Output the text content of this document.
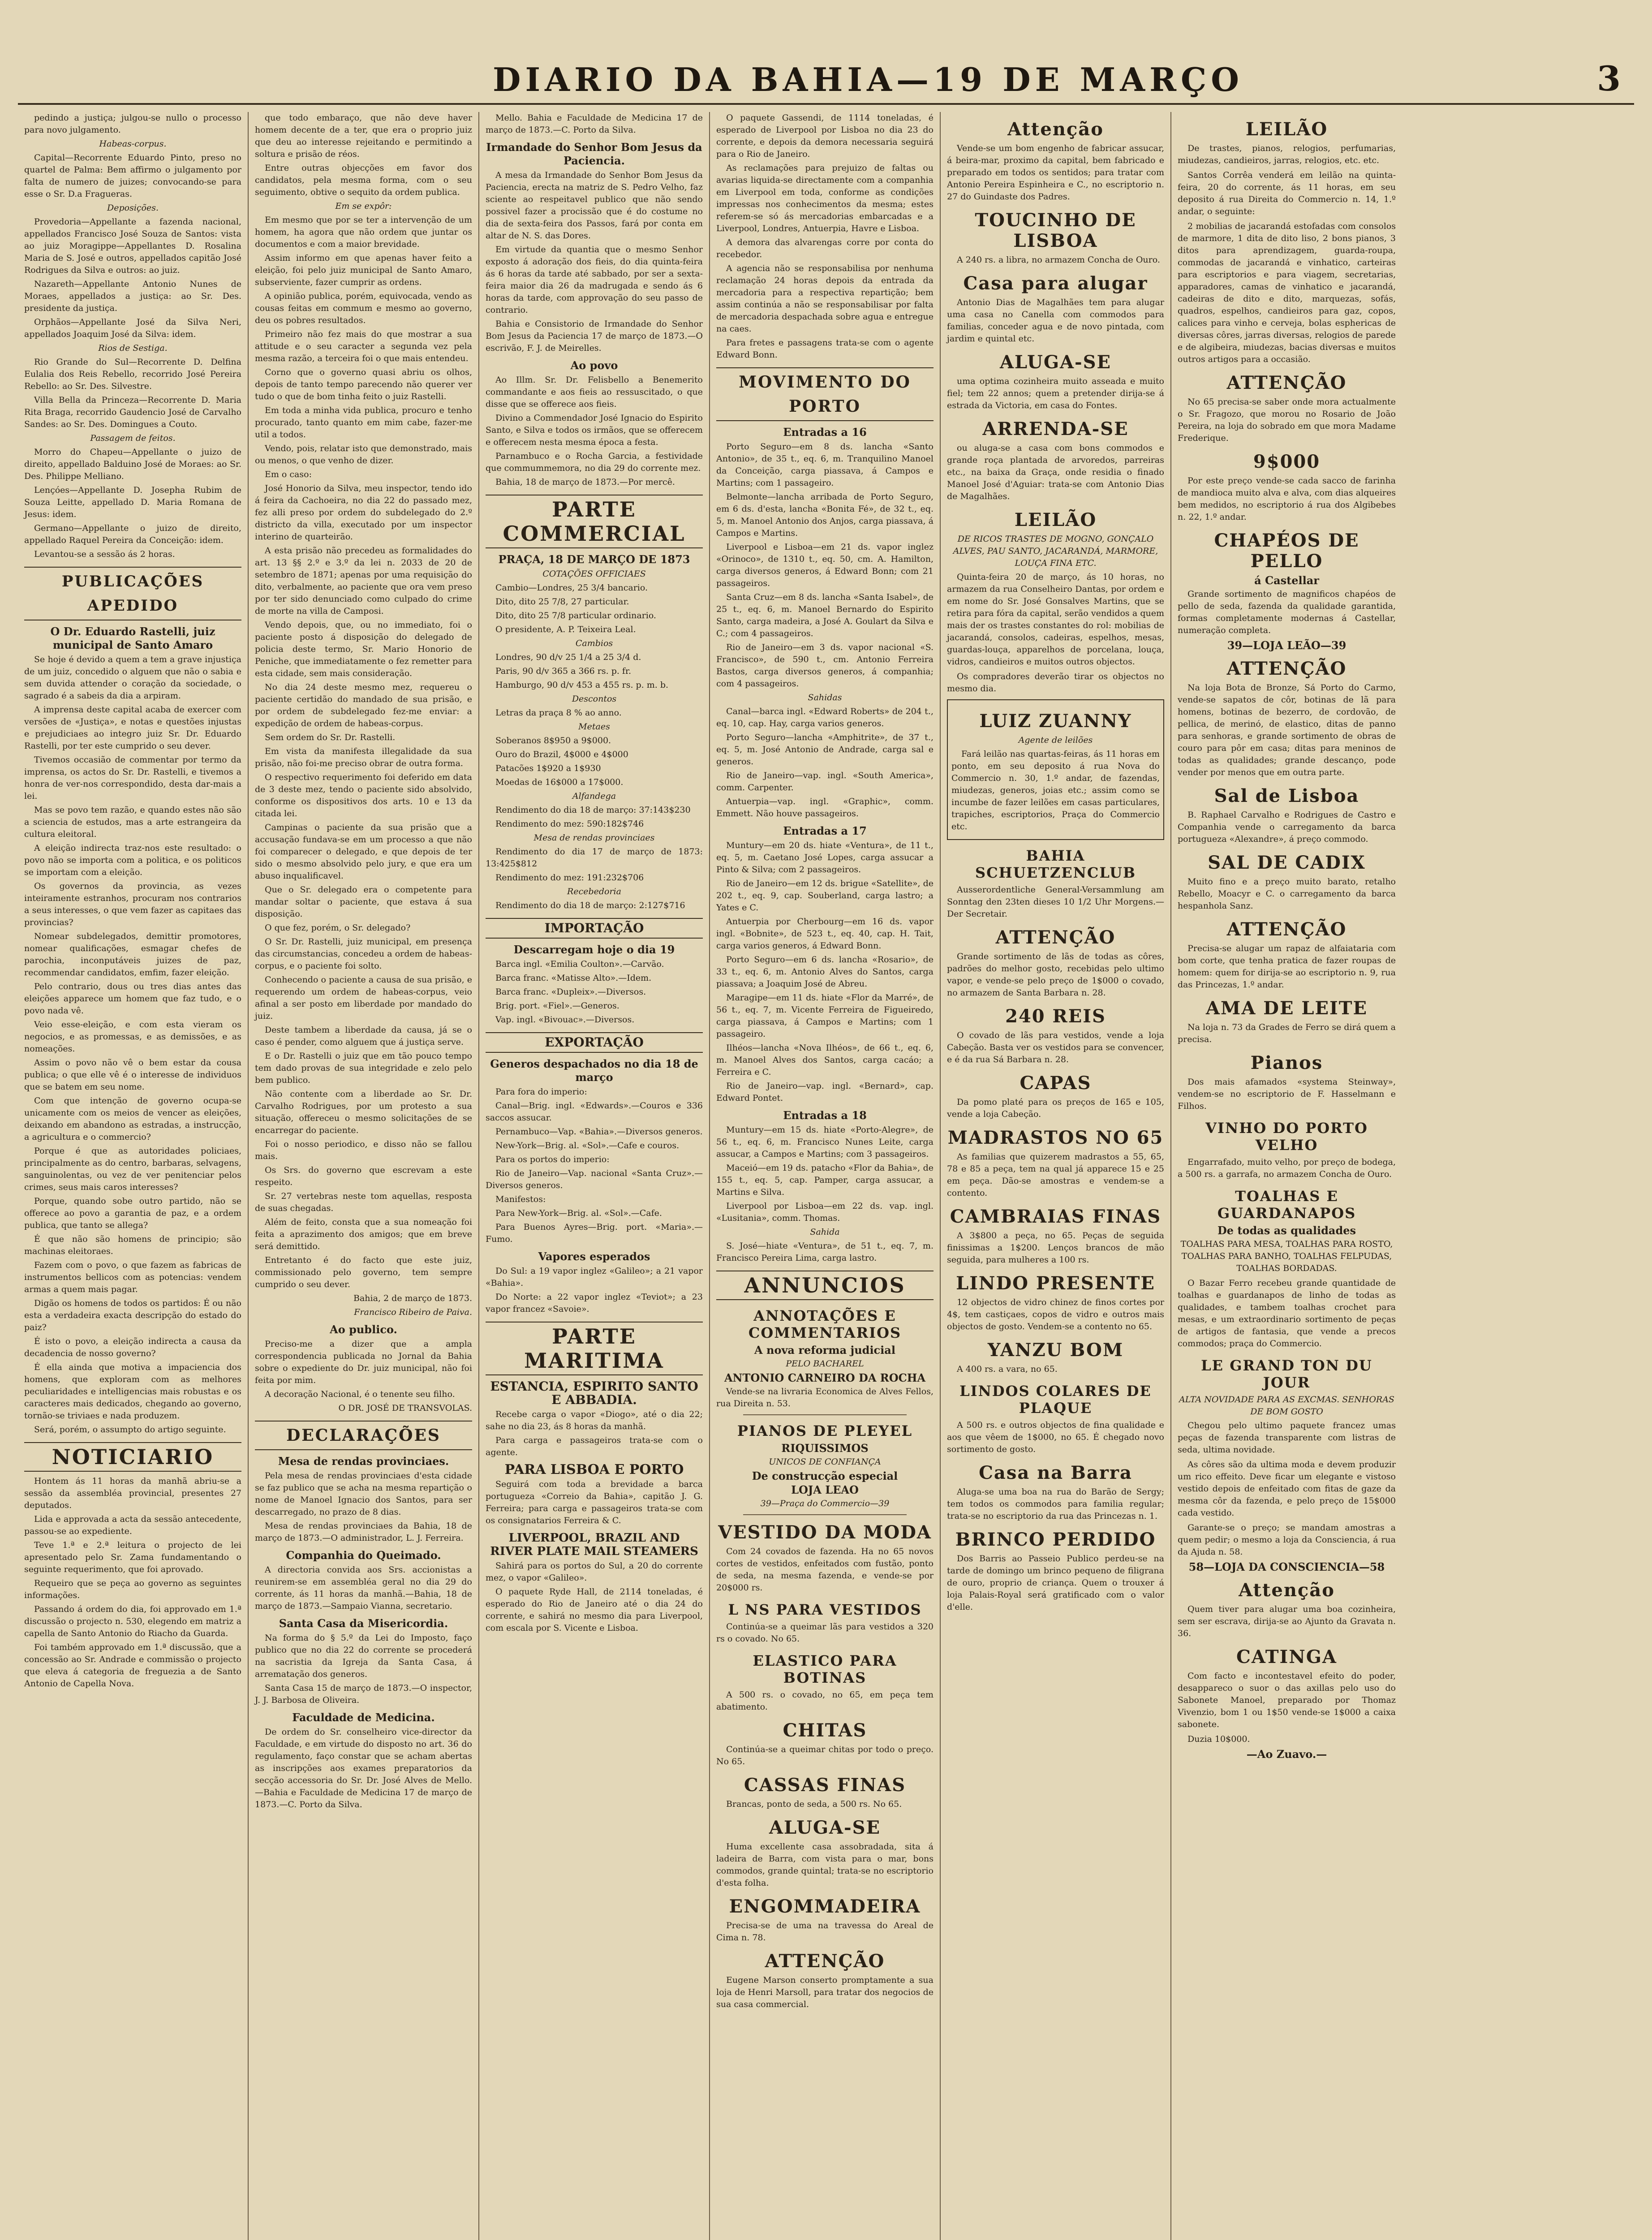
DIARIO DA BAHIA—19 DE MARÇO	3

pedindo a justiça; julgou-se nullo o processo para novo julgamento.

Habeas-corpus.

Capital—Recorrente Eduardo Pinto, preso no quartel de Palma: Bem affirmo o julgamento por falta de numero de juizes; convocando-se para esse o Sr. D.a Fragueras.

Deposições.

Provedoria—Appellante a fazenda nacional, appellados Francisco José Souza de Santos: vista ao juiz Moragippe—Appellantes D. Rosalina Maria de S. José e outros, appellados capitão José Rodrigues da Silva e outros: ao juiz.

Nazareth—Appellante Antonio Nunes de Moraes, appellados a justiça: ao Sr. Des. presidente da justiça.

Orphãos—Appellante José da Silva Neri, appellados Joaquim José da Silva: idem.

Rios de Sestiga.

Rio Grande do Sul—Recorrente D. Delfina Eulalia dos Reis Rebello, recorrido José Pereira Rebello: ao Sr. Des. Silvestre.

Villa Bella da Princeza—Recorrente D. Maria Rita Braga, recorrido Gaudencio José de Carvalho Sandes: ao Sr. Des. Domingues a Couto.

Passagem de feitos.

Morro do Chapeu—Appellante o juizo de direito, appellado Balduino José de Moraes: ao Sr. Des. Philippe Melliano.

Lençóes—Appellante D. Josepha Rubim de Souza Leitte, appellado D. Maria Romana de Jesus: idem.

Germano—Appellante o juizo de direito, appellado Raquel Pereira da Conceição: idem.

Levantou-se a sessão ás 2 horas.

PUBLICAÇÕES APEDIDO
O Dr. Eduardo Rastelli, juiz municipal de Santo Amaro

Se hoje é devido a quem a tem a grave injustiça de um juiz, concedido o alguem que não o sabia e sem duvida attender o coração da sociedade, o sagrado é a sabeis da dia a arpiram.

A imprensa deste capital acaba de exercer com versões de «Justiça», e notas e questões injustas e prejudiciaes ao integro juiz Sr. Dr. Eduardo Rastelli, por ter este cumprido o seu dever.

Tivemos occasião de commentar por termo da imprensa, os actos do Sr. Dr. Rastelli, e tivemos a honra de ver-nos correspondido, desta dar-mais a lei.

Mas se povo tem razão, e quando estes não são a sciencia de estudos, mas a arte estrangeira da cultura eleitoral.

A eleição indirecta traz-nos este resultado: o povo não se importa com a politica, e os politicos se importam com a eleição.

Os governos da provincia, as vezes inteiramente estranhos, procuram nos contrarios a seus interesses, o que vem fazer as capitaes das provincias?

Nomear subdelegados, demittir promotores, nomear qualificações, esmagar chefes de parochia, inconputáveis juizes de paz, recommendar candidatos, emfim, fazer eleição.

Pelo contrario, dous ou tres dias antes das eleições apparece um homem que faz tudo, e o povo nada vê.

Veio esse-eleição, e com esta vieram os negocios, e as promessas, e as demissões, e as nomeações.

Assim o povo não vê o bem estar da cousa publica; o que elle vê é o interesse de individuos que se batem em seu nome.

Com que intenção de governo ocupa-se unicamente com os meios de vencer as eleições, deixando em abandono as estradas, a instrucção, a agricultura e o commercio?

Porque é que as autoridades policiaes, principalmente as do centro, barbaras, selvagens, sanguinolentas, ou vez de ver penitenciar pelos crimes, seus mais caros interesses?

Porque, quando sobe outro partido, não se offerece ao povo a garantia de paz, e a ordem publica, que tanto se allega?

É que não são homens de principio; são machinas eleitoraes.

Fazem com o povo, o que fazem as fabricas de instrumentos bellicos com as potencias: vendem armas a quem mais pagar.

Digão os homens de todos os partidos: É ou não esta a verdadeira exacta descripção do estado do paiz?

É isto o povo, a eleição indirecta a causa da decadencia de nosso governo?

É ella ainda que motiva a impaciencia dos homens, que exploram com as melhores peculiaridades e intelligencias mais robustas e os caracteres mais dedicados, chegando ao governo, tornão-se triviaes e nada produzem.

Será, porém, o assumpto do artigo seguinte.

NOTICIARIO

Hontem ás 11 horas da manhã abriu-se a sessão da assembléa provincial, presentes 27 deputados.

Lida e approvada a acta da sessão antecedente, passou-se ao expediente.

Teve 1.ª e 2.ª leitura o projecto de lei apresentado pelo Sr. Zama fundamentando o seguinte requerimento, que foi aprovado.

Requeiro que se peça ao governo as seguintes informações.

Passando á ordem do dia, foi approvado em 1.ª discussão o projecto n. 530, elegendo em matriz a capella de Santo Antonio do Riacho da Guarda.

Foi também approvado em 1.ª discussão, que a concessão ao Sr. Andrade e commissão o projecto que eleva á categoria de freguezia a de Santo Antonio de Capella Nova.

que todo embaraço, que não deve haver homem decente de a ter, que era o proprio juiz que deu ao interesse rejeitando e permitindo a soltura e prisão de réos.

Entre outras objecções em favor dos candidatos, pela mesma forma, com o seu seguimento, obtive o sequito da ordem publica.

Em se expôr:

Em mesmo que por se ter a intervenção de um homem, ha agora que não ordem que juntar os documentos e com a maior brevidade.

Assim informo em que apenas haver feito a eleição, foi pelo juiz municipal de Santo Amaro, subserviente, fazer cumprir as ordens.

A opinião publica, porém, equivocada, vendo as cousas feitas em commum e mesmo ao governo, deu os pobres resultados.

Primeiro não fez mais do que mostrar a sua attitude e o seu caracter a segunda vez pela mesma razão, a terceira foi o que mais entendeu.

Corno que o governo quasi abriu os olhos, depois de tanto tempo parecendo não querer ver tudo o que de bom tinha feito o juiz Rastelli.

Em toda a minha vida publica, procuro e tenho procurado, tanto quanto em mim cabe, fazer-me util a todos.

Vendo, pois, relatar isto que demonstrado, mais ou menos, o que venho de dizer.

Em o caso:

José Honorio da Silva, meu inspector, tendo ido á feira da Cachoeira, no dia 22 do passado mez, fez alli preso por ordem do subdelegado do 2.º districto da villa, executado por um inspector interino de quarteirão.

A esta prisão não precedeu as formalidades do art. 13 §§ 2.º e 3.º da lei n. 2033 de 20 de setembro de 1871; apenas por uma requisição do dito, verbalmente, ao paciente que ora vem preso por ter sido denunciado como culpado do crime de morte na villa de Camposi.

Vendo depois, que, ou no immediato, foi o paciente posto á disposição do delegado de policia deste termo, Sr. Mario Honorio de Peniche, que immediatamente o fez remetter para esta cidade, sem mais consideração.

No dia 24 deste mesmo mez, requereu o paciente certidão do mandado de sua prisão, e por ordem de subdelegado fez-me enviar: a expedição de ordem de habeas-corpus.

Sem ordem do Sr. Dr. Rastelli.

Em vista da manifesta illegalidade da sua prisão, não foi-me preciso obrar de outra forma.

O respectivo requerimento foi deferido em data de 3 deste mez, tendo o paciente sido absolvido, conforme os dispositivos dos arts. 10 e 13 da citada lei.

Campinas o paciente da sua prisão que a accusação fundava-se em um processo a que não foi comparecer o delegado, e que depois de ter sido o mesmo absolvido pelo jury, e que era um abuso inqualificavel.

Que o Sr. delegado era o competente para mandar soltar o paciente, que estava á sua disposição.

O que fez, porém, o Sr. delegado?

O Sr. Dr. Rastelli, juiz municipal, em presença das circumstancias, concedeu a ordem de habeas-corpus, e o paciente foi solto.

Conhecendo o paciente a causa de sua prisão, e requerendo um ordem de habeas-corpus, veio afinal a ser posto em liberdade por mandado do juiz.

Deste tambem a liberdade da causa, já se o caso é pender, como alguem que á justiça serve.

E o Dr. Rastelli o juiz que em tão pouco tempo tem dado provas de sua integridade e zelo pelo bem publico.

Não contente com a liberdade ao Sr. Dr. Carvalho Rodrigues, por um protesto a sua situação, offereceu o mesmo solicitações de se encarregar do paciente.

Foi o nosso periodico, e disso não se fallou mais.

Os Srs. do governo que escrevam a este respeito.

Sr. 27 vertebras neste tom aquellas, resposta de suas chegadas.

Além de feito, consta que a sua nomeação foi feita a aprazimento dos amigos; que em breve será demittido.

Entretanto é do facto que este juiz, commissionado pelo governo, tem sempre cumprido o seu dever.

Bahia, 2 de março de 1873.

Francisco Ribeiro de Paiva.

Ao publico.

Preciso-me a dizer que a ampla correspondencia publicada no Jornal da Bahia sobre o expediente do Dr. juiz municipal, não foi feita por mim.

A decoração Nacional, é o tenente seu filho.

O DR. JOSÉ DE TRANSVOLAS.

DECLARAÇÕES
Mesa de rendas provinciaes.

Pela mesa de rendas provinciaes d'esta cidade se faz publico que se acha na mesma repartição o nome de Manoel Ignacio dos Santos, para ser descarregado, no prazo de 8 dias.

Mesa de rendas provinciaes da Bahia, 18 de março de 1873.—O administrador, L. J. Ferreira.

Companhia do Queimado.

A directoria convida aos Srs. accionistas a reunirem-se em assembléa geral no dia 29 do corrente, ás 11 horas da manhã.—Bahia, 18 de março de 1873.—Sampaio Vianna, secretario.

Santa Casa da Misericordia.

Na forma do § 5.º da Lei do Imposto, faço publico que no dia 22 do corrente se procederá na sacristia da Igreja da Santa Casa, á arrematação dos generos.

Santa Casa 15 de março de 1873.—O inspector, J. J. Barbosa de Oliveira.

Faculdade de Medicina.

De ordem do Sr. conselheiro vice-director da Faculdade, e em virtude do disposto no art. 36 do regulamento, faço constar que se acham abertas as inscripções aos exames preparatorios da secção accessoria do Sr. Dr. José Alves de Mello.—Bahia e Faculdade de Medicina 17 de março de 1873.—C. Porto da Silva.

Mello. Bahia e Faculdade de Medicina 17 de março de 1873.—C. Porto da Silva.

Irmandade do Senhor Bom Jesus da Paciencia.

A mesa da Irmandade do Senhor Bom Jesus da Paciencia, erecta na matriz de S. Pedro Velho, faz sciente ao respeitavel publico que não sendo possivel fazer a procissão que é do costume no dia de sexta-feira dos Passos, fará por conta em altar de N. S. das Dores.

Em virtude da quantia que o mesmo Senhor exposto á adoração dos fieis, do dia quinta-feira ás 6 horas da tarde até sabbado, por ser a sexta-feira maior dia 26 da madrugada e sendo ás 6 horas da tarde, com approvação do seu passo de contrario.

Bahia e Consistorio de Irmandade do Senhor Bom Jesus da Paciencia 17 de março de 1873.—O escrivão, F. J. de Meirelles.

Ao povo

Ao Illm. Sr. Dr. Felisbello a Benemerito commandante e aos fieis ao ressuscitado, o que disse que se offerece aos fieis.

Divino a Commendador José Ignacio do Espirito Santo, e Silva e todos os irmãos, que se offerecem e offerecem nesta mesma época a festa.

Parnambuco e o Rocha Garcia, a festividade que commummemora, no dia 29 do corrente mez.

Bahia, 18 de março de 1873.—Por mercê.

PARTE COMMERCIAL
PRAÇA, 18 DE MARÇO DE 1873
COTAÇÕES OFFICIAES

Cambio—Londres, 25 3/4 bancario.

Dito, dito 25 7/8, 27 particular.

Dito, dito 25 7/8 particular ordinario.

O presidente, A. P. Teixeira Leal.

Cambios

Londres, 90 d/v 25 1/4 a 25 3/4 d.

Paris, 90 d/v 365 a 366 rs. p. fr.

Hamburgo, 90 d/v 453 a 455 rs. p. m. b.

Descontos

Letras da praça 8 % ao anno.

Metaes

Soberanos 8$950 a 9$000.

Ouro do Brazil, 4$000 e 4$000

Patacões 1$920 a 1$930

Moedas de 16$000 a 17$000.

Alfandega

Rendimento do dia 18 de março: 37:143$230

Rendimento do mez: 590:182$746

Mesa de rendas provinciaes

Rendimento do dia 17 de março de 1873: 13:425$812

Rendimento do mez: 191:232$706

Recebedoria

Rendimento do dia 18 de março: 2:127$716

IMPORTAÇÃO
Descarregam hoje o dia 19

Barca ingl. «Emilia Coulton».—Carvão.

Barca franc. «Matisse Alto».—Idem.

Barca franc. «Dupleix».—Diversos.

Brig. port. «Fiel».—Generos.

Vap. ingl. «Bivouac».—Diversos.

EXPORTAÇÃO
Generos despachados no dia 18 de março

Para fora do imperio:

Canal—Brig. ingl. «Edwards».—Couros e 336 saccos assucar.

Pernambuco—Vap. «Bahia».—Diversos generos.

New-York—Brig. al. «Sol».—Cafe e couros.

Para os portos do imperio:

Rio de Janeiro—Vap. nacional «Santa Cruz».—Diversos generos.

Manifestos:

Para New-York—Brig. al. «Sol».—Cafe.

Para Buenos Ayres—Brig. port. «Maria».—Fumo.

Vapores esperados

Do Sul: a 19 vapor inglez «Galileo»; a 21 vapor «Bahia».

Do Norte: a 22 vapor inglez «Teviot»; a 23 vapor francez «Savoie».

PARTE MARITIMA
ESTANCIA, ESPIRITO SANTO E ABBADIA.

Recebe carga o vapor «Diogo», até o dia 22; sahe no dia 23, ás 8 horas da manhã.

Para carga e passageiros trata-se com o agente.

PARA LISBOA E PORTO

Seguirá com toda a brevidade a barca portugueza «Correio da Bahia», capitão J. G. Ferreira; para carga e passageiros trata-se com os consignatarios Ferreira & C.

LIVERPOOL, BRAZIL AND RIVER PLATE MAIL STEAMERS

Sahirá para os portos do Sul, a 20 do corrente mez, o vapor «Galileo».

O paquete Ryde Hall, de 2114 toneladas, é esperado do Rio de Janeiro até o dia 24 do corrente, e sahirá no mesmo dia para Liverpool, com escala por S. Vicente e Lisboa.

O paquete Gassendi, de 1114 toneladas, é esperado de Liverpool por Lisboa no dia 23 do corrente, e depois da demora necessaria seguirá para o Rio de Janeiro.

As reclamações para prejuizo de faltas ou avarias liquida-se directamente com a companhia em Liverpool em toda, conforme as condições impressas nos conhecimentos da mesma; estes referem-se só ás mercadorias embarcadas e a Liverpool, Londres, Antuerpia, Havre e Lisboa.

A demora das alvarengas corre por conta do recebedor.

A agencia não se responsabilisa por nenhuma reclamação 24 horas depois da entrada da mercadoria para a respectiva repartição; bem assim continúa a não se responsabilisar por falta de mercadoria despachada sobre agua e entregue na caes.

Para fretes e passagens trata-se com o agente Edward Bonn.

MOVIMENTO DO PORTO
Entradas a 16

Porto Seguro—em 8 ds. lancha «Santo Antonio», de 35 t., eq. 6, m. Tranquilino Manoel da Conceição, carga piassava, á Campos e Martins; com 1 passageiro.

Belmonte—lancha arribada de Porto Seguro, em 6 ds. d'esta, lancha «Bonita Fé», de 32 t., eq. 5, m. Manoel Antonio dos Anjos, carga piassava, á Campos e Martins.

Liverpool e Lisboa—em 21 ds. vapor inglez «Orinoco», de 1310 t., eq. 50, cm. A. Hamilton, carga diversos generos, á Edward Bonn; com 21 passageiros.

Santa Cruz—em 8 ds. lancha «Santa Isabel», de 25 t., eq. 6, m. Manoel Bernardo do Espirito Santo, carga madeira, a José A. Goulart da Silva e C.; com 4 passageiros.

Rio de Janeiro—em 3 ds. vapor nacional «S. Francisco», de 590 t., cm. Antonio Ferreira Bastos, carga diversos generos, á companhia; com 4 passageiros.

Sahidas

Canal—barca ingl. «Edward Roberts» de 204 t., eq. 10, cap. Hay, carga varios generos.

Porto Seguro—lancha «Amphitrite», de 37 t., eq. 5, m. José Antonio de Andrade, carga sal e generos.

Rio de Janeiro—vap. ingl. «South America», comm. Carpenter.

Antuerpia—vap. ingl. «Graphic», comm. Emmett. Não houve passageiros.

Entradas a 17

Muntury—em 20 ds. hiate «Ventura», de 11 t., eq. 5, m. Caetano José Lopes, carga assucar a Pinto & Silva; com 2 passageiros.

Rio de Janeiro—em 12 ds. brigue «Satellite», de 202 t., eq. 9, cap. Souberland, carga lastro; a Yates e C.

Antuerpia por Cherbourg—em 16 ds. vapor ingl. «Bobnite», de 523 t., eq. 40, cap. H. Tait, carga varios generos, á Edward Bonn.

Porto Seguro—em 6 ds. lancha «Rosario», de 33 t., eq. 6, m. Antonio Alves do Santos, carga piassava; a Joaquim José de Abreu.

Maragipe—em 11 ds. hiate «Flor da Marré», de 56 t., eq. 7, m. Vicente Ferreira de Figueiredo, carga piassava, á Campos e Martins; com 1 passageiro.

Ilhéos—lancha «Nova Ilhéos», de 66 t., eq. 6, m. Manoel Alves dos Santos, carga cacáo; a Ferreira e C.

Rio de Janeiro—vap. ingl. «Bernard», cap. Edward Pontet.

Entradas a 18

Muntury—em 15 ds. hiate «Porto-Alegre», de 56 t., eq. 6, m. Francisco Nunes Leite, carga assucar, a Campos e Martins; com 3 passageiros.

Maceió—em 19 ds. patacho «Flor da Bahia», de 155 t., eq. 5, cap. Pamper, carga assucar, a Martins e Silva.

Liverpool por Lisboa—em 22 ds. vap. ingl. «Lusitania», comm. Thomas.

Sahida

S. José—hiate «Ventura», de 51 t., eq. 7, m. Francisco Pereira Lima, carga lastro.

ANNUNCIOS
ANNOTAÇÕES E COMMENTARIOS
A nova reforma judicial
PELO BACHAREL
ANTONIO CARNEIRO DA ROCHA

Vende-se na livraria Economica de Alves Fellos, rua Direita n. 53.

PIANOS DE PLEYEL
RIQUISSIMOS
UNICOS DE CONFIANÇA
De construcção especial
LOJA LEAO
39—Praça do Commercio—39
VESTIDO DA MODA

Com 24 covados de fazenda. Ha no 65 novos cortes de vestidos, enfeitados com fustão, ponto de seda, na mesma fazenda, e vende-se por 20$000 rs.

L NS PARA VESTIDOS

Continúa-se a queimar lãs para vestidos a 320 rs o covado. No 65.

ELASTICO PARA BOTINAS

A 500 rs. o covado, no 65, em peça tem abatimento.

CHITAS

Continúa-se a queimar chitas por todo o preço. No 65.

CASSAS FINAS

Brancas, ponto de seda, a 500 rs. No 65.

ALUGA-SE

Huma excellente casa assobradada, sita á ladeira de Barra, com vista para o mar, bons commodos, grande quintal; trata-se no escriptorio d'esta folha.

ENGOMMADEIRA

Precisa-se de uma na travessa do Areal de Cima n. 78.

ATTENÇÃO

Eugene Marson conserto promptamente a sua loja de Henri Marsoll, para tratar dos negocios de sua casa commercial.

Attenção

Vende-se um bom engenho de fabricar assucar, á beira-mar, proximo da capital, bem fabricado e preparado em todos os sentidos; para tratar com Antonio Pereira Espinheira e C., no escriptorio n. 27 do Guindaste dos Padres.

TOUCINHO DE LISBOA

A 240 rs. a libra, no armazem Concha de Ouro.

Casa para alugar

Antonio Dias de Magalhães tem para alugar uma casa no Canella com commodos para familias, conceder agua e de novo pintada, com jardim e quintal etc.

ALUGA-SE

uma optima cozinheira muito asseada e muito fiel; tem 22 annos; quem a pretender dirija-se á estrada da Victoria, em casa do Fontes.

ARRENDA-SE

ou aluga-se a casa com bons commodos e grande roça plantada de arvoredos, parreiras etc., na baixa da Graça, onde residia o finado Manoel José d'Aguiar: trata-se com Antonio Dias de Magalhães.

LEILÃO
DE RICOS TRASTES DE MOGNO, GONÇALO ALVES, PAU SANTO, JACARANDÁ, MARMORE, LOUÇA FINA ETC.

Quinta-feira 20 de março, ás 10 horas, no armazem da rua Conselheiro Dantas, por ordem e em nome do Sr. José Gonsalves Martins, que se retira para fóra da capital, serão vendidos a quem mais der os trastes constantes do rol: mobilias de jacarandá, consolos, cadeiras, espelhos, mesas, guardas-louça, apparelhos de porcelana, louça, vidros, candieiros e muitos outros objectos.

Os compradores deverão tirar os objectos no mesmo dia.

LUIZ ZUANNY
Agente de leilões

Fará leilão nas quartas-feiras, ás 11 horas em ponto, em seu deposito á rua Nova do Commercio n. 30, 1.º andar, de fazendas, miudezas, generos, joias etc.; assim como se incumbe de fazer leilões em casas particulares, trapiches, escriptorios, Praça do Commercio etc.

BAHIA SCHUETZENCLUB

Ausserordentliche General-Versammlung am Sonntag den 23ten dieses 10 1/2 Uhr Morgens.—Der Secretair.

ATTENÇÃO

Grande sortimento de lãs de todas as côres, padrões do melhor gosto, recebidas pelo ultimo vapor, e vende-se pelo preço de 1$000 o covado, no armazem de Santa Barbara n. 28.

240 REIS

O covado de lãs para vestidos, vende a loja Cabeção. Basta ver os vestidos para se convencer, e é da rua Sá Barbara n. 28.

CAPAS

Da pomo platé para os preços de 165 e 105, vende a loja Cabeção.

MADRASTOS NO 65

As familias que quizerem madrastos a 55, 65, 78 e 85 a peça, tem na qual já apparece 15 e 25 em peça. Dão-se amostras e vendem-se a contento.

CAMBRAIAS FINAS

A 3$800 a peça, no 65. Peças de seguida finissimas a 1$200. Lenços brancos de mão seguida, para mulheres a 100 rs.

LINDO PRESENTE

12 objectos de vidro chinez de finos cortes por 4$, tem castiçaes, copos de vidro e outros mais objectos de gosto. Vendem-se a contento no 65.

YANZU BOM

A 400 rs. a vara, no 65.

LINDOS COLARES DE PLAQUE

A 500 rs. e outros objectos de fina qualidade e aos que vêem de 1$000, no 65. É chegado novo sortimento de gosto.

Casa na Barra

Aluga-se uma boa na rua do Barão de Sergy; tem todos os commodos para familia regular; trata-se no escriptorio da rua das Princezas n. 1.

BRINCO PERDIDO

Dos Barris ao Passeio Publico perdeu-se na tarde de domingo um brinco pequeno de filigrana de ouro, proprio de criança. Quem o trouxer á loja Palais-Royal será gratificado com o valor d'elle.

LEILÃO

De trastes, pianos, relogios, perfumarias, miudezas, candieiros, jarras, relogios, etc. etc.

Santos Corrêa venderá em leilão na quinta-feira, 20 do corrente, ás 11 horas, em seu deposito á rua Direita do Commercio n. 14, 1.º andar, o seguinte:

2 mobilias de jacarandá estofadas com consolos de marmore, 1 dita de dito liso, 2 bons pianos, 3 ditos para aprendizagem, guarda-roupa, commodas de jacarandá e vinhatico, carteiras para escriptorios e para viagem, secretarias, apparadores, camas de vinhatico e jacarandá, cadeiras de dito e dito, marquezas, sofás, quadros, espelhos, candieiros para gaz, copos, calices para vinho e cerveja, bolas esphericas de diversas côres, jarras diversas, relogios de parede e de algibeira, miudezas, bacias diversas e muitos outros artigos para a occasião.

ATTENÇÃO

No 65 precisa-se saber onde mora actualmente o Sr. Fragozo, que morou no Rosario de João Pereira, na loja do sobrado em que mora Madame Frederique.

9$000

Por este preço vende-se cada sacco de farinha de mandioca muito alva e alva, com dias alqueires bem medidos, no escriptorio á rua dos Algibebes n. 22, 1.º andar.

CHAPÉOS DE PELLO
á Castellar

Grande sortimento de magnificos chapéos de pello de seda, fazenda da qualidade garantida, formas completamente modernas á Castellar, numeração completa.

39—LOJA LEÃO—39
ATTENÇÃO

Na loja Bota de Bronze, Sá Porto do Carmo, vende-se sapatos de côr, botinas de lã para homens, botinas de bezerro, de cordovão, de pellica, de merinó, de elastico, ditas de panno para senhoras, e grande sortimento de obras de couro para pôr em casa; ditas para meninos de todas as qualidades; grande descanço, pode vender por menos que em outra parte.

Sal de Lisboa

B. Raphael Carvalho e Rodrigues de Castro e Companhia vende o carregamento da barca portugueza «Alexandre», á preço commodo.

SAL DE CADIX

Muito fino e a preço muito barato, retalho Rebello, Moacyr e C. o carregamento da barca hespanhola Sanz.

ATTENÇÃO

Precisa-se alugar um rapaz de alfaiataria com bom corte, que tenha pratica de fazer roupas de homem: quem for dirija-se ao escriptorio n. 9, rua das Princezas, 1.º andar.

AMA DE LEITE

Na loja n. 73 da Grades de Ferro se dirá quem a precisa.

Pianos

Dos mais afamados «systema Steinway», vendem-se no escriptorio de F. Hasselmann e Filhos.

VINHO DO PORTO VELHO

Engarrafado, muito velho, por preço de bodega, a 500 rs. a garrafa, no armazem Concha de Ouro.

TOALHAS E GUARDANAPOS
De todas as qualidades

TOALHAS PARA MESA, TOALHAS PARA ROSTO, TOALHAS PARA BANHO, TOALHAS FELPUDAS, TOALHAS BORDADAS.

O Bazar Ferro recebeu grande quantidade de toalhas e guardanapos de linho de todas as qualidades, e tambem toalhas crochet para mesas, e um extraordinario sortimento de peças de artigos de fantasia, que vende a precos commodos; praça do Commercio.

LE GRAND TON DU JOUR
ALTA NOVIDADE PARA AS EXCMAS. SENHORAS DE BOM GOSTO

Chegou pelo ultimo paquete francez umas peças de fazenda transparente com listras de seda, ultima novidade.

As côres são da ultima moda e devem produzir um rico effeito. Deve ficar um elegante e vistoso vestido depois de enfeitado com fitas de gaze da mesma côr da fazenda, e pelo preço de 15$000 cada vestido.

Garante-se o preço; se mandam amostras a quem pedir; o mesmo a loja da Consciencia, á rua da Ajuda n. 58.

58—LOJA DA CONSCIENCIA—58
Attenção

Quem tiver para alugar uma boa cozinheira, sem ser escrava, dirija-se ao Ajunto da Gravata n. 36.

CATINGA

Com facto e incontestavel efeito do poder, desappareco o suor o das axillas pelo uso do Sabonete Manoel, preparado por Thomaz Vivenzio, bom 1 ou 1$50 vende-se 1$000 a caixa sabonete.

Duzia 10$000.

—Ao Zuavo.—
